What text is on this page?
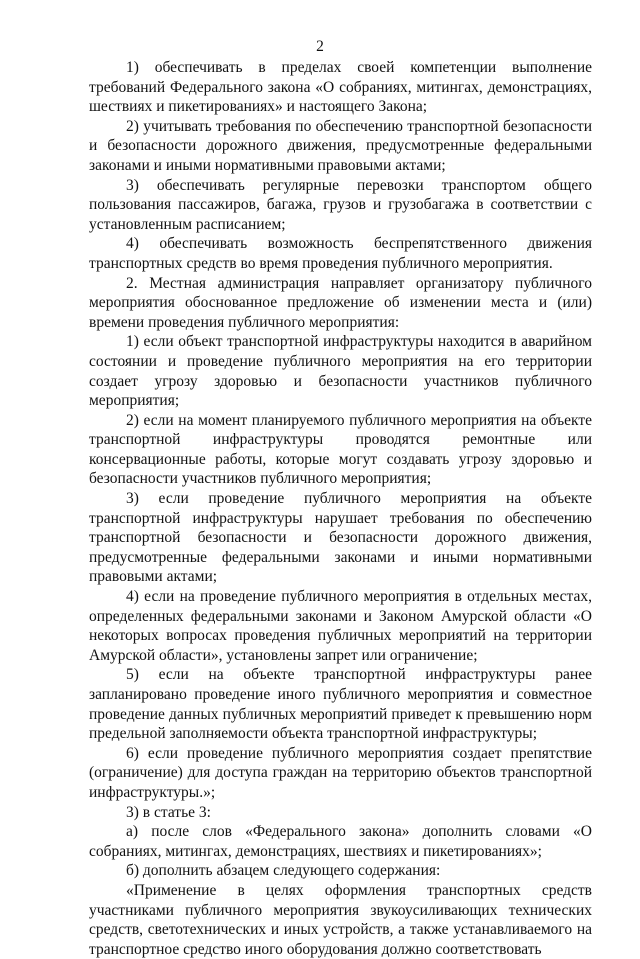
2

1) обеспечивать в пределах своей компетенции выполнение требований Федерального закона «О собраниях, митингах, демонстрациях, шествиях и пикетированиях» и настоящего Закона;

2) учитывать требования по обеспечению транспортной безопасности и безопасности дорожного движения, предусмотренные федеральными законами и иными нормативными правовыми актами;

3) обеспечивать регулярные перевозки транспортом общего пользования пассажиров, багажа, грузов и грузобагажа в соответствии с установленным расписанием;

4) обеспечивать возможность беспрепятственного движения транспортных средств во время проведения публичного мероприятия.

2. Местная администрация направляет организатору публичного мероприятия обоснованное предложение об изменении места и (или) времени проведения публичного мероприятия:

1) если объект транспортной инфраструктуры находится в аварийном состоянии и проведение публичного мероприятия на его территории создает угрозу здоровью и безопасности участников публичного мероприятия;

2) если на момент планируемого публичного мероприятия на объекте транспортной инфраструктуры проводятся ремонтные или консервационные работы, которые могут создавать угрозу здоровью и безопасности участников публичного мероприятия;

3) если проведение публичного мероприятия на объекте транспортной инфраструктуры нарушает требования по обеспечению транспортной безопасности и безопасности дорожного движения, предусмотренные федеральными законами и иными нормативными правовыми актами;

4) если на проведение публичного мероприятия в отдельных местах, определенных федеральными законами и Законом Амурской области «О некоторых вопросах проведения публичных мероприятий на территории Амурской области», установлены запрет или ограничение;

5) если на объекте транспортной инфраструктуры ранее запланировано проведение иного публичного мероприятия и совместное проведение данных публичных мероприятий приведет к превышению норм предельной заполняемости объекта транспортной инфраструктуры;

6) если проведение публичного мероприятия создает препятствие (ограничение) для доступа граждан на территорию объектов транспортной инфраструктуры.»;

3) в статье 3:

а) после слов «Федерального закона» дополнить словами «О собраниях, митингах, демонстрациях, шествиях и пикетированиях»;

б) дополнить абзацем следующего содержания:

«Применение в целях оформления транспортных средств участниками публичного мероприятия звукоусиливающих технических средств, светотехнических и иных устройств, а также устанавливаемого на транспортное средство иного оборудования должно соответствовать
